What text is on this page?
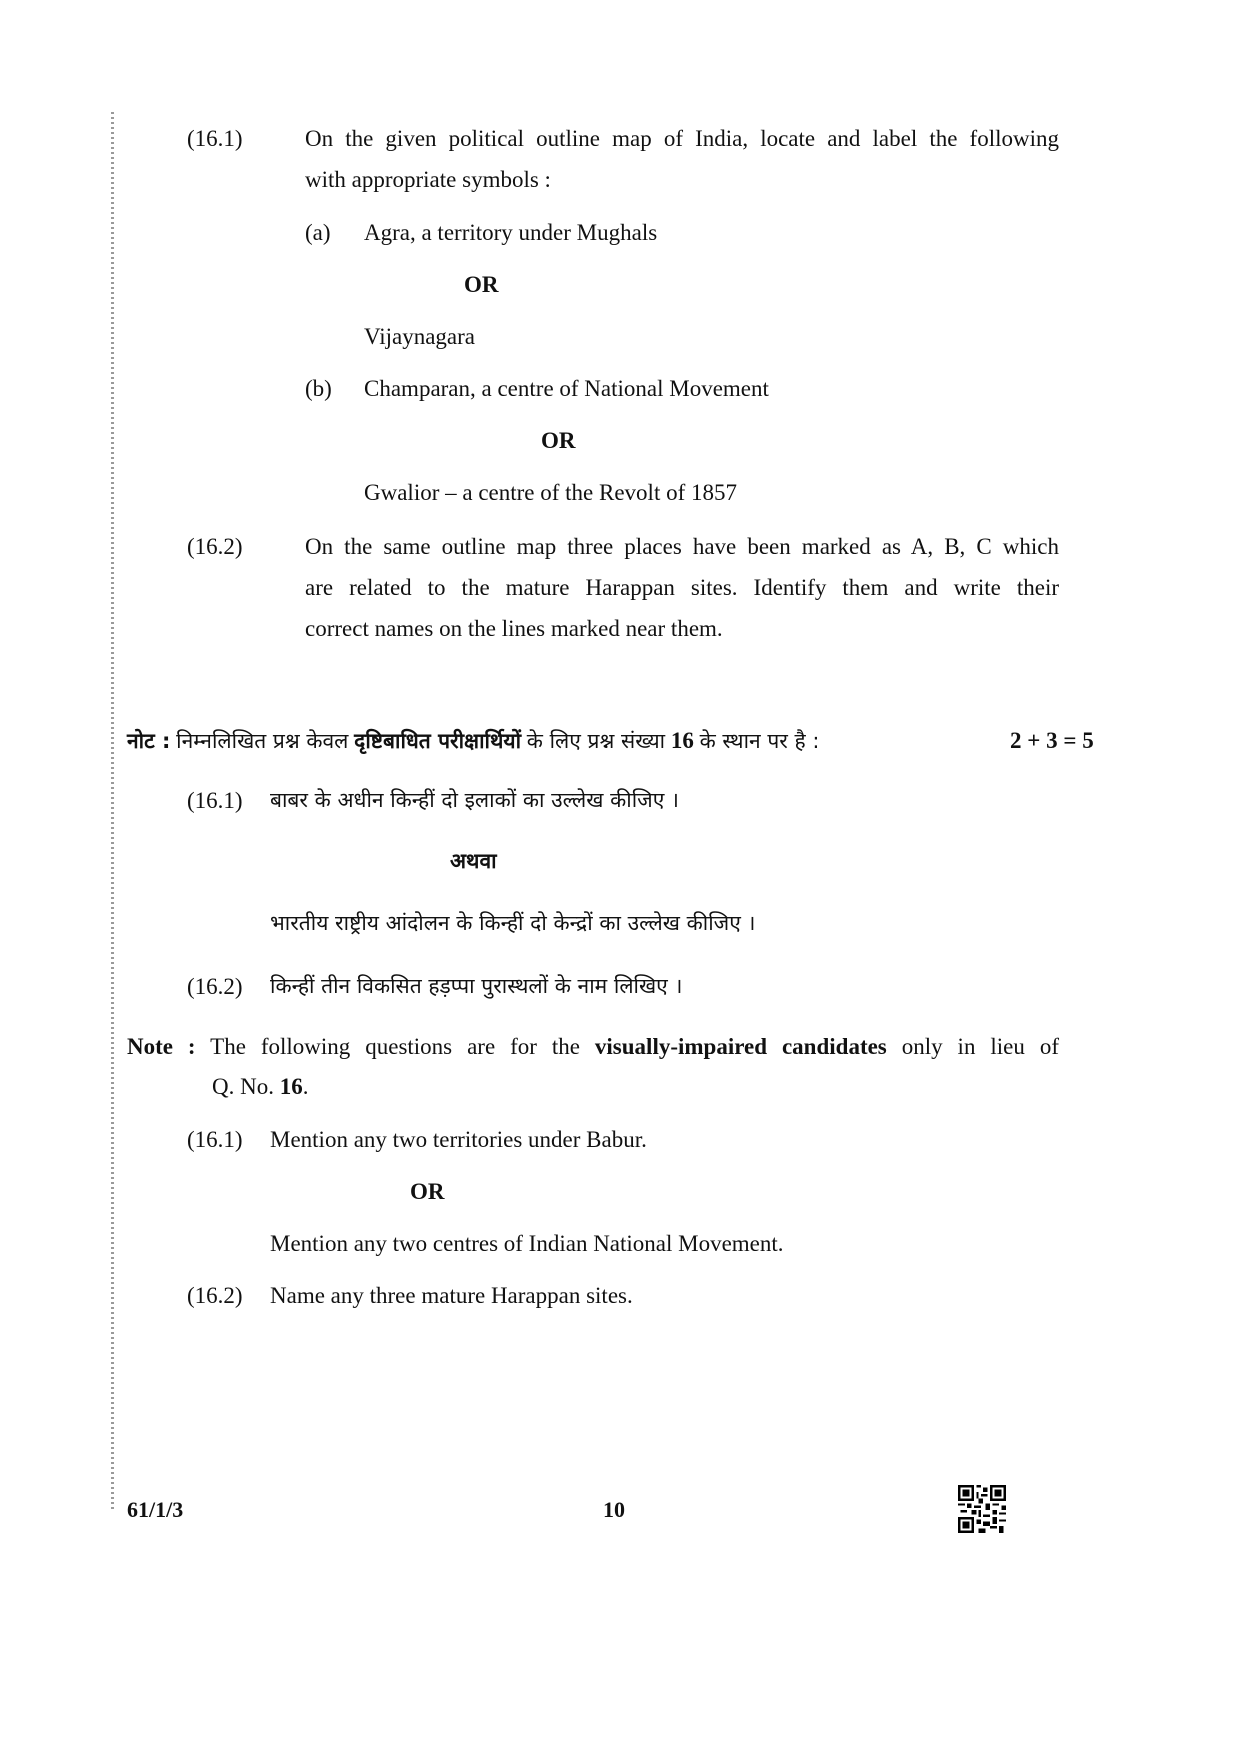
(16.1)	On the given political outline map of India, locate and label the following
with appropriate symbols :
(a) Agra, a territory under Mughals
OR
Vijaynagara
(b) Champaran, a centre of National Movement
OR
Gwalior – a centre of the Revolt of 1857
(16.2)	On the same outline map three places have been marked as A, B, C which
are related to the mature Harappan sites. Identify them and write their
correct names on the lines marked near them.
नोट : निम्नलिखित प्रश्न केवल दृष्टिबाधित परीक्षार्थियों के लिए प्रश्न संख्या 16 के स्थान पर है :	2 + 3 = 5
(16.1) बाबर के अधीन किन्हीं दो इलाकों का उल्लेख कीजिए ।
अथवा
भारतीय राष्ट्रीय आंदोलन के किन्हीं दो केन्द्रों का उल्लेख कीजिए ।
(16.2) किन्हीं तीन विकसित हड़प्पा पुरास्थलों के नाम लिखिए ।
Note : The following questions are for the visually-impaired candidates only in lieu of
Q. No. 16.
(16.1) Mention any two territories under Babur.
OR
Mention any two centres of Indian National Movement.
(16.2) Name any three mature Harappan sites.
61/1/3	10
